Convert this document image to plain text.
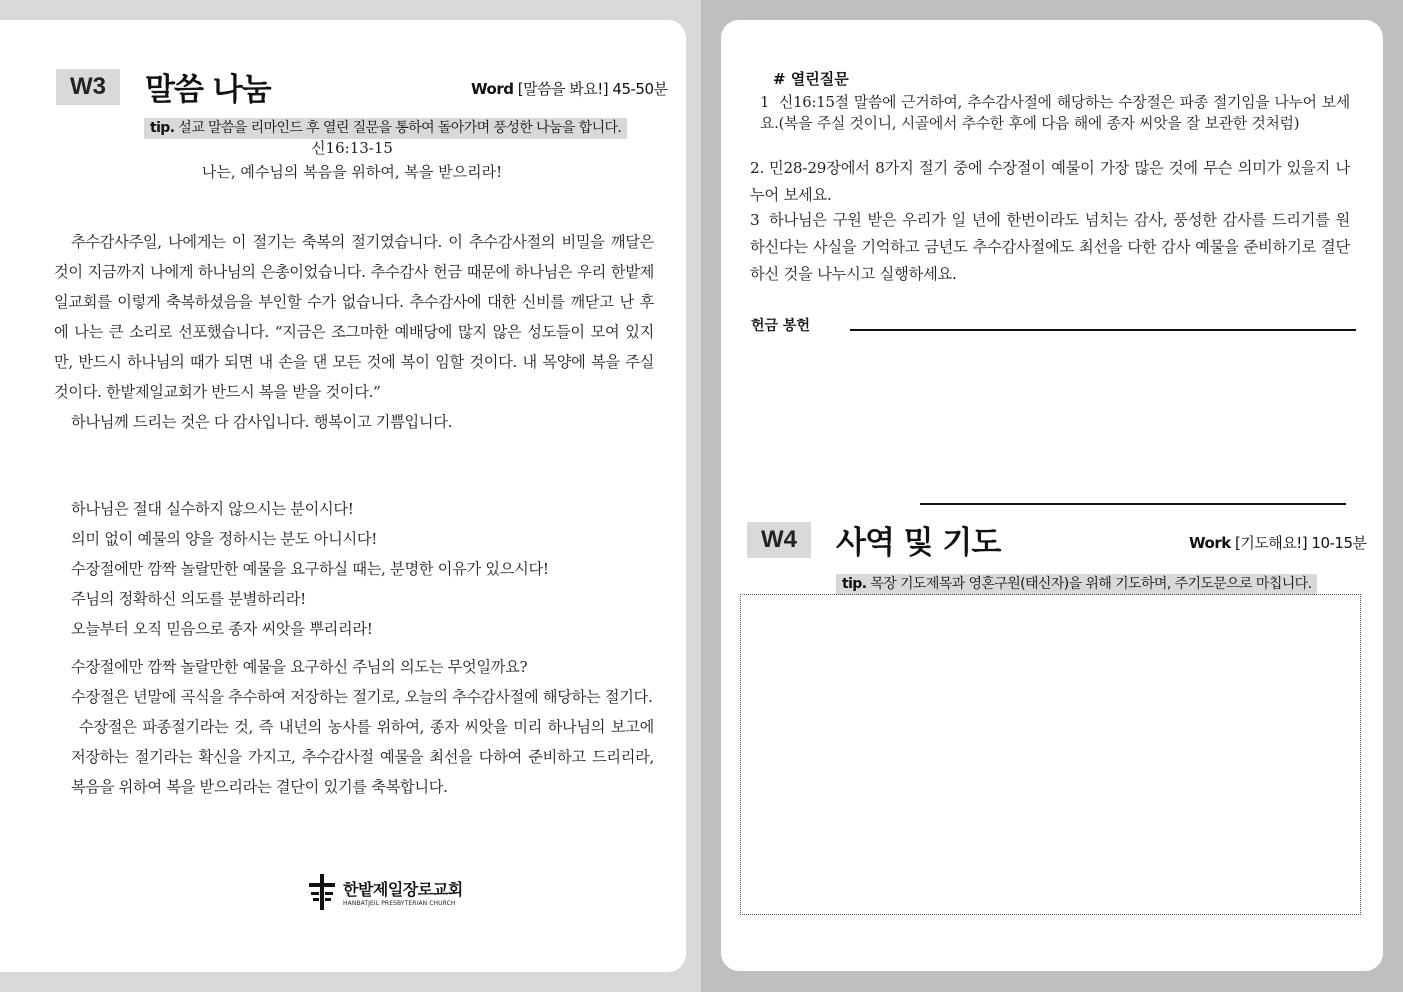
W3	말씀 나눔	Word [말씀을 봐요!] 45-50분
tip. 설교 말씀을 리마인드 후 열린 질문을 통하여 돌아가며 풍성한 나눔을 합니다.
신16:13-15
나는, 예수님의 복음을 위하여, 복을 받으리라!

추수감사주일, 나에게는 이 절기는 축복의 절기였습니다. 이 추수감사절의 비밀을 깨달은 것이 지금까지 나에게 하나님의 은총이었습니다. 추수감사 헌금 때문에 하나님은 우리 한밭제일교회를 이렇게 축복하셨음을 부인할 수가 없습니다. 추수감사에 대한 신비를 깨닫고 난 후에 나는 큰 소리로 선포했습니다. “지금은 조그마한 예배당에 많지 않은 성도들이 모여 있지만, 반드시 하나님의 때가 되면 내 손을 댄 모든 것에 복이 임할 것이다. 내 목양에 복을 주실 것이다. 한밭제일교회가 반드시 복을 받을 것이다.”

하나님께 드리는 것은 다 감사입니다. 행복이고 기쁨입니다.

하나님은 절대 실수하지 않으시는 분이시다!

의미 없이 예물의 양을 정하시는 분도 아니시다!

수장절에만 깜짝 놀랄만한 예물을 요구하실 때는, 분명한 이유가 있으시다!

주님의 정확하신 의도를 분별하리라!

오늘부터 오직 믿음으로 종자 씨앗을 뿌리리라!

수장절에만 깜짝 놀랄만한 예물을 요구하신 주님의 의도는 무엇일까요?

수장절은 년말에 곡식을 추수하여 저장하는 절기로, 오늘의 추수감사절에 해당하는 절기다.

수장절은 파종절기라는 것, 즉 내년의 농사를 위하여, 종자 씨앗을 미리 하나님의 보고에 저장하는 절기라는 확신을 가지고, 추수감사절 예물을 최선을 다하여 준비하고 드리리라, 복음을 위하여 복을 받으리라는 결단이 있기를 축복합니다.

한밭제일장로교회
HANBATJEIL PRESBYTERIAN CHURCH
# 열린질문
1 신16:15절 말씀에 근거하여, 추수감사절에 해당하는 수장절은 파종 절기임을 나누어 보세요.(복을 주실 것이니, 시골에서 추수한 후에 다음 해에 종자 씨앗을 잘 보관한 것처럼)
2. 민28-29장에서 8가지 절기 중에 수장절이 예물이 가장 많은 것에 무슨 의미가 있을지 나누어 보세요.
3 하나님은 구원 받은 우리가 일 년에 한번이라도 넘치는 감사, 풍성한 감사를 드리기를 원하신다는 사실을 기억하고 금년도 추수감사절에도 최선을 다한 감사 예물을 준비하기로 결단하신 것을 나누시고 실행하세요.
헌금 봉헌
W4	사역 및 기도	Work [기도해요!] 10-15분
tip. 목장 기도제목과 영혼구원(태신자)을 위해 기도하며, 주기도문으로 마칩니다.
